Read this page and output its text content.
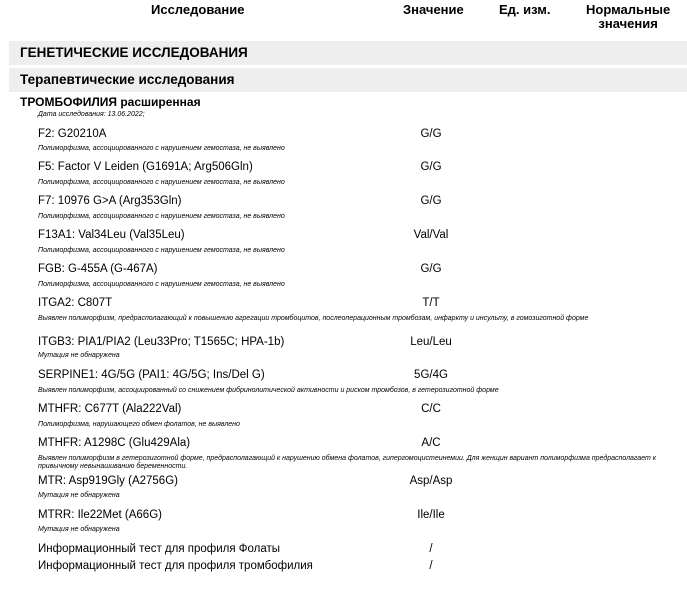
Исследование	Значение	Ед. изм.	Нормальные
значения
ГЕНЕТИЧЕСКИЕ ИССЛЕДОВАНИЯ
Терапевтические исследования
ТРОМБОФИЛИЯ расширенная
Дата исследования: 13.06.2022;
F2: G20210A	G/G
Полиморфизма, ассоциированного с нарушением гемостаза, не выявлено
F5: Factor V Leiden (G1691A; Arg506Gln)	G/G
Полиморфизма, ассоциированного с нарушением гемостаза, не выявлено
F7: 10976 G>A (Arg353Gln)	G/G
Полиморфизма, ассоциированного с нарушением гемостаза, не выявлено
F13A1: Val34Leu (Val35Leu)	Val/Val
Полиморфизма, ассоциированного с нарушением гемостаза, не выявлено
FGB: G-455A (G-467A)	G/G
Полиморфизма, ассоциированного с нарушением гемостаза, не выявлено
ITGA2: C807T	T/T
Выявлен полиморфизм, предрасполагающий к повышению агрегации тромбоцитов, послеоперационным тромбозам, инфаркту и инсульту, в гомозиготной форме
ITGB3: PIA1/PIA2 (Leu33Pro; T1565C; HPA-1b)	Leu/Leu
Мутация не обнаружена
SERPINE1: 4G/5G (PAI1: 4G/5G; Ins/Del G)	5G/4G
Выявлен полиморфизм, ассоциированный со снижением фибринолитической активности и риском тромбозов, в гетерозиготной форме
MTHFR: C677T (Ala222Val)	C/C
Полиморфизма, нарушающего обмен фолатов, не выявлено
MTHFR: A1298C (Glu429Ala)	A/C
Выявлен полиморфизм в гетерозиготной форме, предрасполагающий к нарушению обмена фолатов, гипергомоцистеинемии. Для женщин вариант полиморфизма предрасполагает к привычному невынашиванию беременности.
MTR: Asp919Gly (A2756G)	Asp/Asp
Мутация не обнаружена
MTRR: Ile22Met (A66G)	Ile/Ile
Мутация не обнаружена
Информационный тест для профиля Фолаты	/
Информационный тест для профиля тромбофилия	/
